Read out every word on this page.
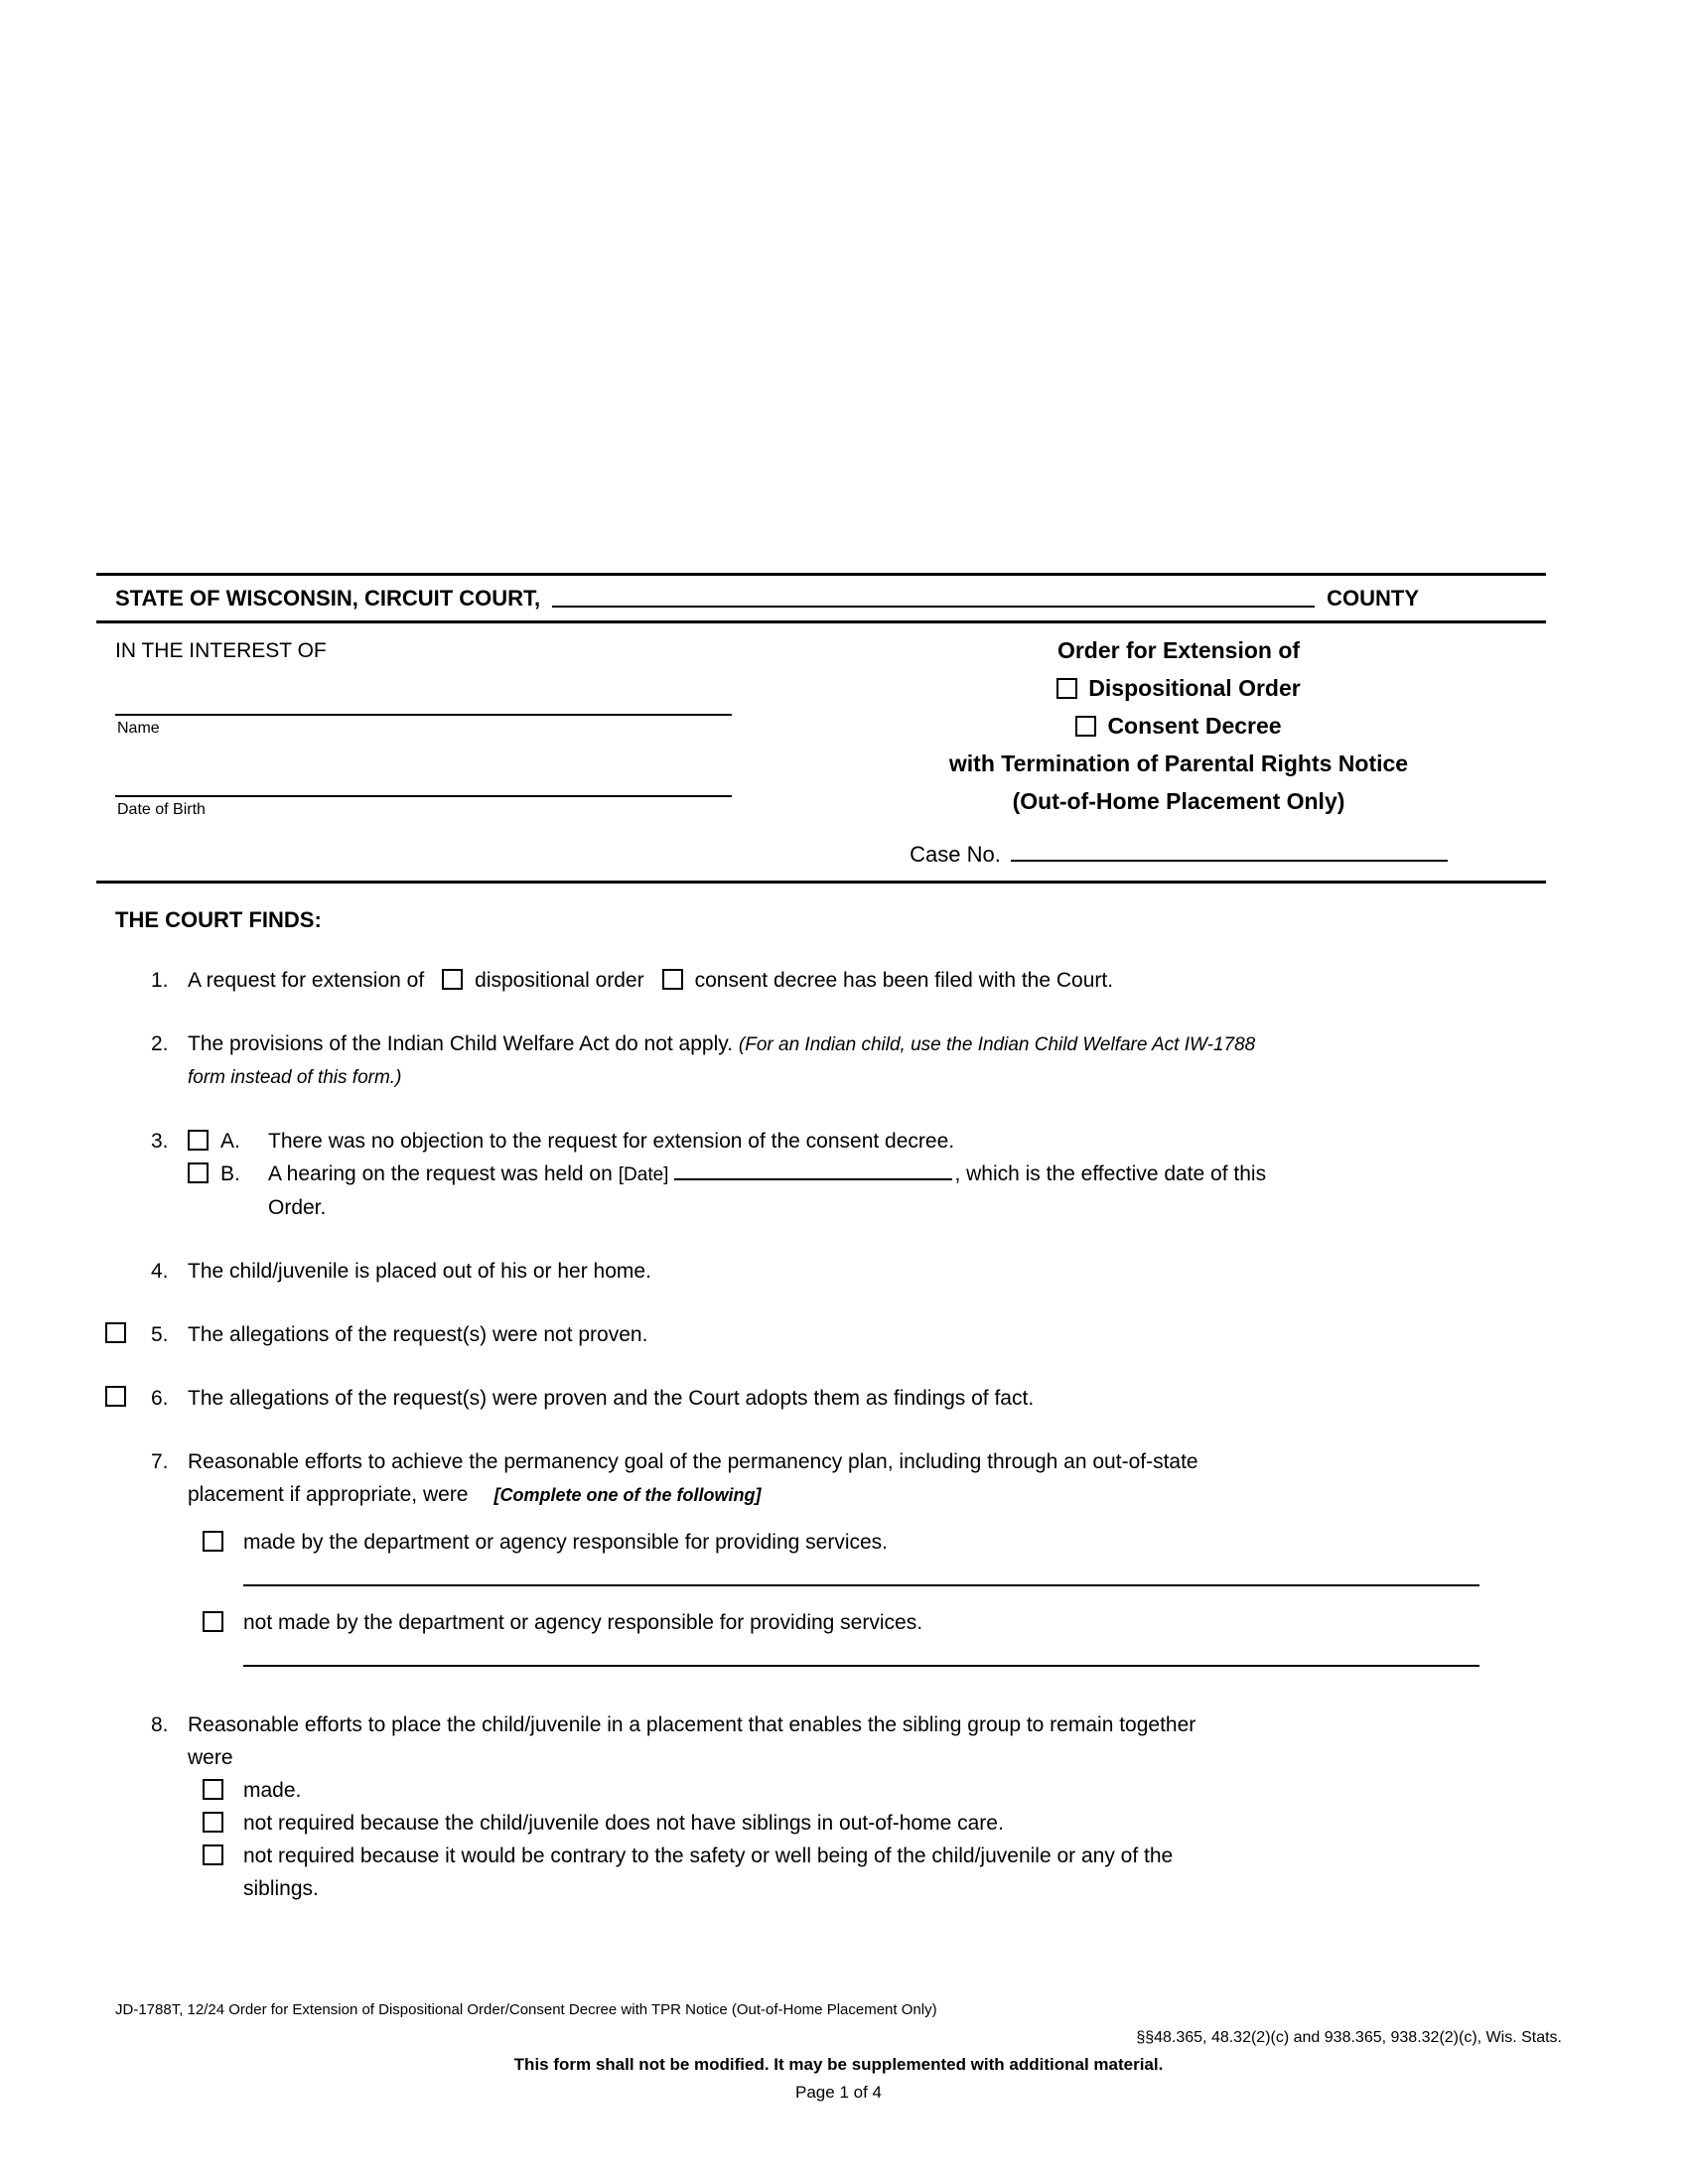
STATE OF WISCONSIN, CIRCUIT COURT,	COUNTY
IN THE INTEREST OF
Name
Date of Birth
Order for Extension of
Dispositional Order
Consent Decree
with Termination of Parental Rights Notice
(Out-of-Home Placement Only)
Case No.
THE COURT FINDS:
1. A request for extension of dispositional order consent decree has been filed with the Court.
2. The provisions of the Indian Child Welfare Act do not apply. (For an Indian child, use the Indian Child Welfare Act IW-1788
form instead of this form.)
3.	A.	There was no objection to the request for extension of the consent decree.
B.	A hearing on the request was held on [Date]	, which is the effective date of this
Order.
4. The child/juvenile is placed out of his or her home.
5. The allegations of the request(s) were not proven.
6. The allegations of the request(s) were proven and the Court adopts them as findings of fact.
7. Reasonable efforts to achieve the permanency goal of the permanency plan, including through an out-of-state
placement if appropriate, were [Complete one of the following]
made by the department or agency responsible for providing services.
not made by the department or agency responsible for providing services.
8. Reasonable efforts to place the child/juvenile in a placement that enables the sibling group to remain together
were
made.
not required because the child/juvenile does not have siblings in out-of-home care.
not required because it would be contrary to the safety or well being of the child/juvenile or any of the
siblings.
JD-1788T, 12/24 Order for Extension of Dispositional Order/Consent Decree with TPR Notice (Out-of-Home Placement Only)
§§48.365, 48.32(2)(c) and 938.365, 938.32(2)(c), Wis. Stats.
This form shall not be modified. It may be supplemented with additional material.
Page 1 of 4
